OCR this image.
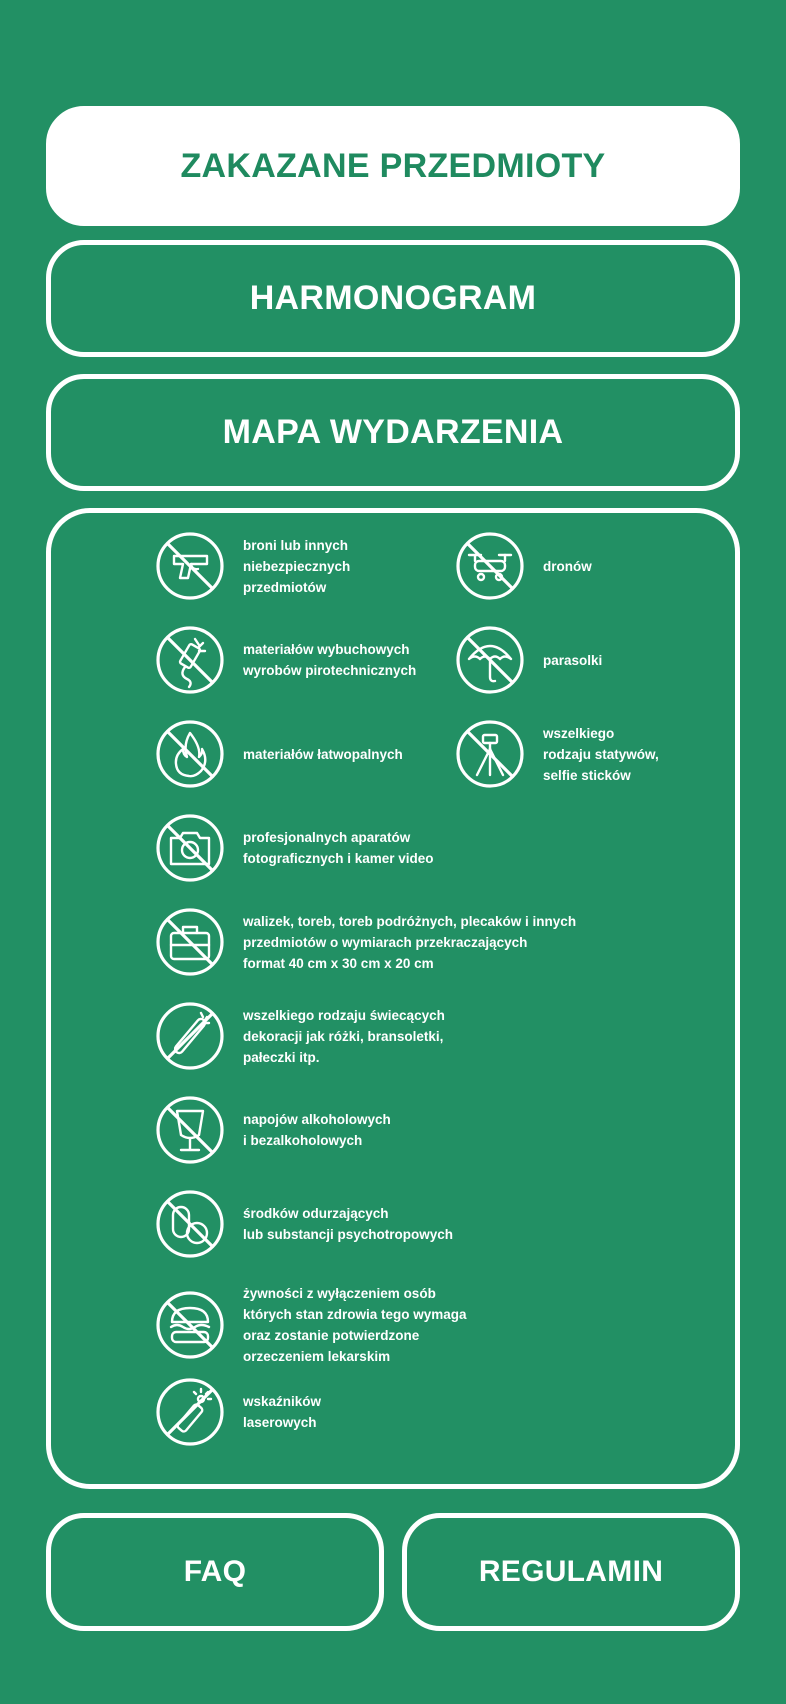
ZAKAZANE PRZEDMIOTY
HARMONOGRAM
MAPA WYDARZENIA
broni lub innych
niebezpiecznych
przedmiotów
dronów
materiałów wybuchowych
wyrobów pirotechnicznych
parasolki
materiałów łatwopalnych
wszelkiego
rodzaju statywów,
selfie sticków
profesjonalnych aparatów
fotograficznych i kamer video
walizek, toreb, toreb podróżnych, plecaków i innych
przedmiotów o wymiarach przekraczających
format 40 cm x 30 cm x 20 cm
wszelkiego rodzaju świecących
dekoracji jak różki, bransoletki,
pałeczki itp.
napojów alkoholowych
i bezalkoholowych
środków odurzających
lub substancji psychotropowych
żywności z wyłączeniem osób
których stan zdrowia tego wymaga
oraz zostanie potwierdzone
orzeczeniem lekarskim
wskaźników
laserowych
FAQ	REGULAMIN
